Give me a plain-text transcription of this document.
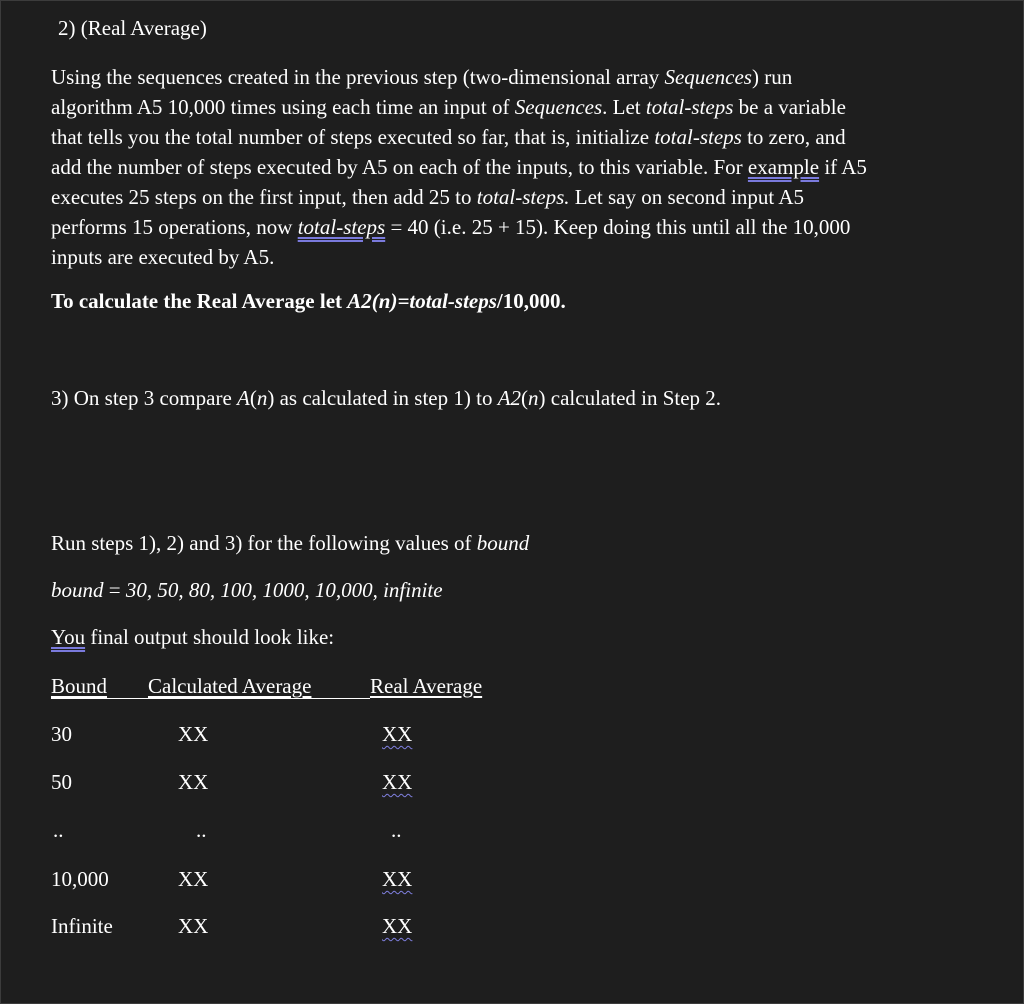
2) (Real Average)
Using the sequences created in the previous step (two-dimensional array Sequences) run
algorithm A5 10,000 times using each time an input of Sequences. Let total-steps be a variable
that tells you the total number of steps executed so far, that is, initialize total-steps to zero, and
add the number of steps executed by A5 on each of the inputs, to this variable. For example if A5
executes 25 steps on the first input, then add 25 to total-steps. Let say on second input A5
performs 15 operations, now total-steps = 40 (i.e. 25 + 15). Keep doing this until all the 10,000
inputs are executed by A5.
To calculate the Real Average let A2(n)=total-steps/10,000.
3) On step 3 compare A(n) as calculated in step 1) to A2(n) calculated in Step 2.
Run steps 1), 2) and 3) for the following values of bound
bound = 30, 50, 80, 100, 1000, 10,000, infinite
You final output should look like:
Bound	Calculated Average	Real Average
30	XX	XX
50	XX	XX
..	..	..
10,000	XX	XX
Infinite	XX	XX
